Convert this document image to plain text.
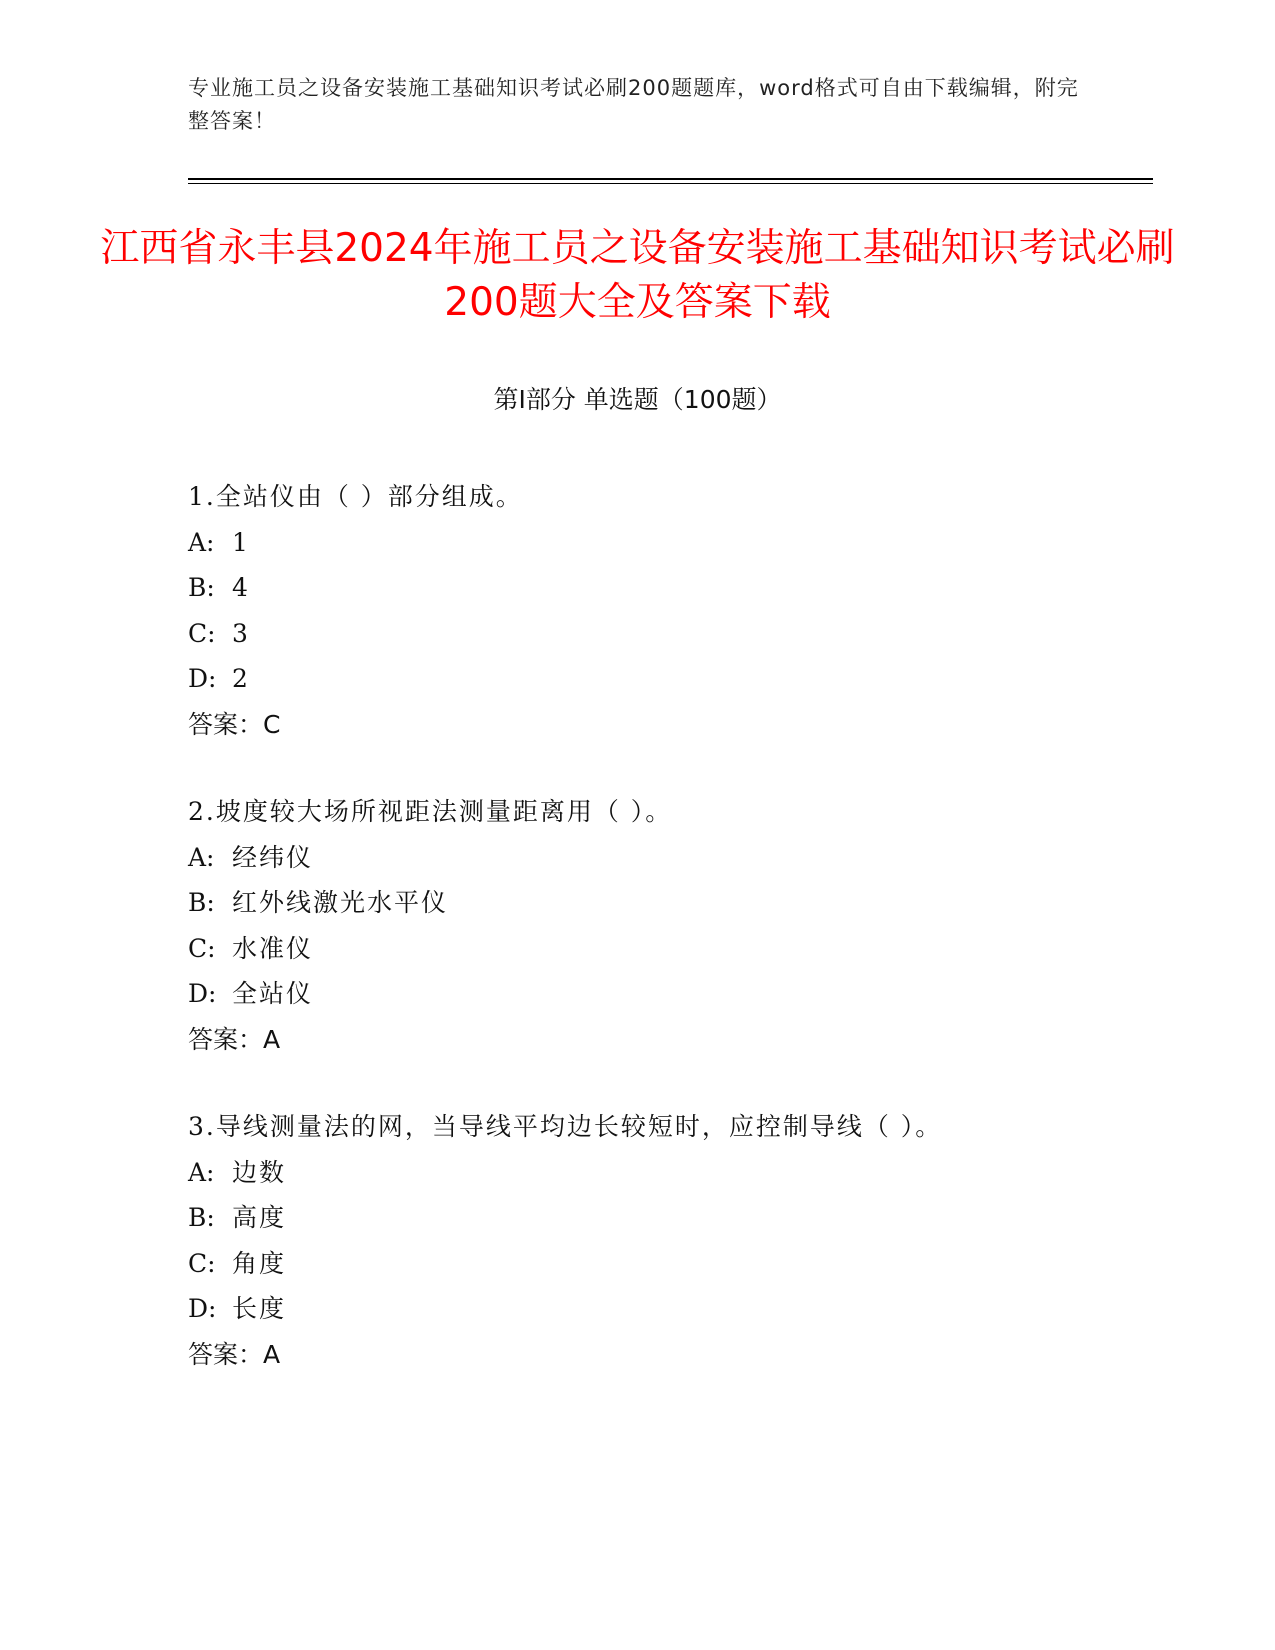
专业施工员之设备安装施工基础知识考试必刷200题题库，word格式可自由下载编辑，附完整答案！
江西省永丰县2024年施工员之设备安装施工基础知识考试必刷200题大全及答案下载
第I部分 单选题（100题）
1.全站仪由（ ）部分组成。
A: 1
B: 4
C: 3
D: 2
答案：C
2.坡度较大场所视距法测量距离用（ ）。
A: 经纬仪
B: 红外线激光水平仪
C: 水准仪
D: 全站仪
答案：A
3.导线测量法的网，当导线平均边长较短时，应控制导线（ ）。
A: 边数
B: 高度
C: 角度
D: 长度
答案：A
